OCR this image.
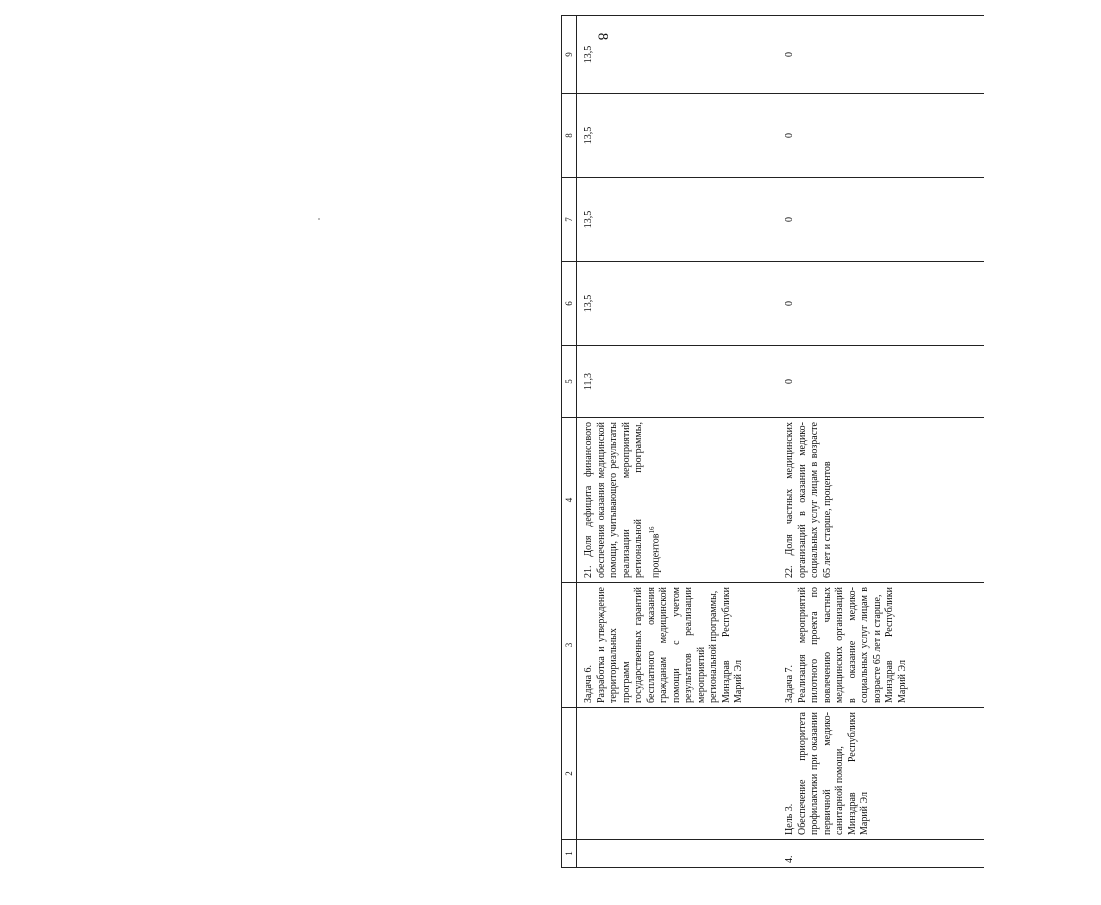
8
1	2	3	4	5	6	7	8	9
		Задача 6.
Разработка и утверждение территориальных программ государственных гарантий бесплатного оказания гражданам медицинской помощи с учетом результатов реализации мероприятий региональной программы,
Минздрав Республики Марий Эл	21. Доля дефицита финансового обеспечения оказания медицинской помощи, учитывающего результаты реализации мероприятий региональной программы, процентов$^{16}$	11,3	13,5	13,5	13,5	13,5
4.	Цель 3.
Обеспечение приоритета профилактики при оказании первичной медико-санитарной помощи,
Минздрав Республики Марий Эл	Задача 7.
Реализация мероприятий пилотного проекта по вовлечению частных медицинских организаций в оказание медико-социальных услуг лицам в возрасте 65 лет и старше,
Минздрав Республики Марий Эл	22. Доля частных медицинских организаций в оказании медико-социальных услуг лицам в возрасте 65 лет и старше, процентов	0	0	0	0	0
